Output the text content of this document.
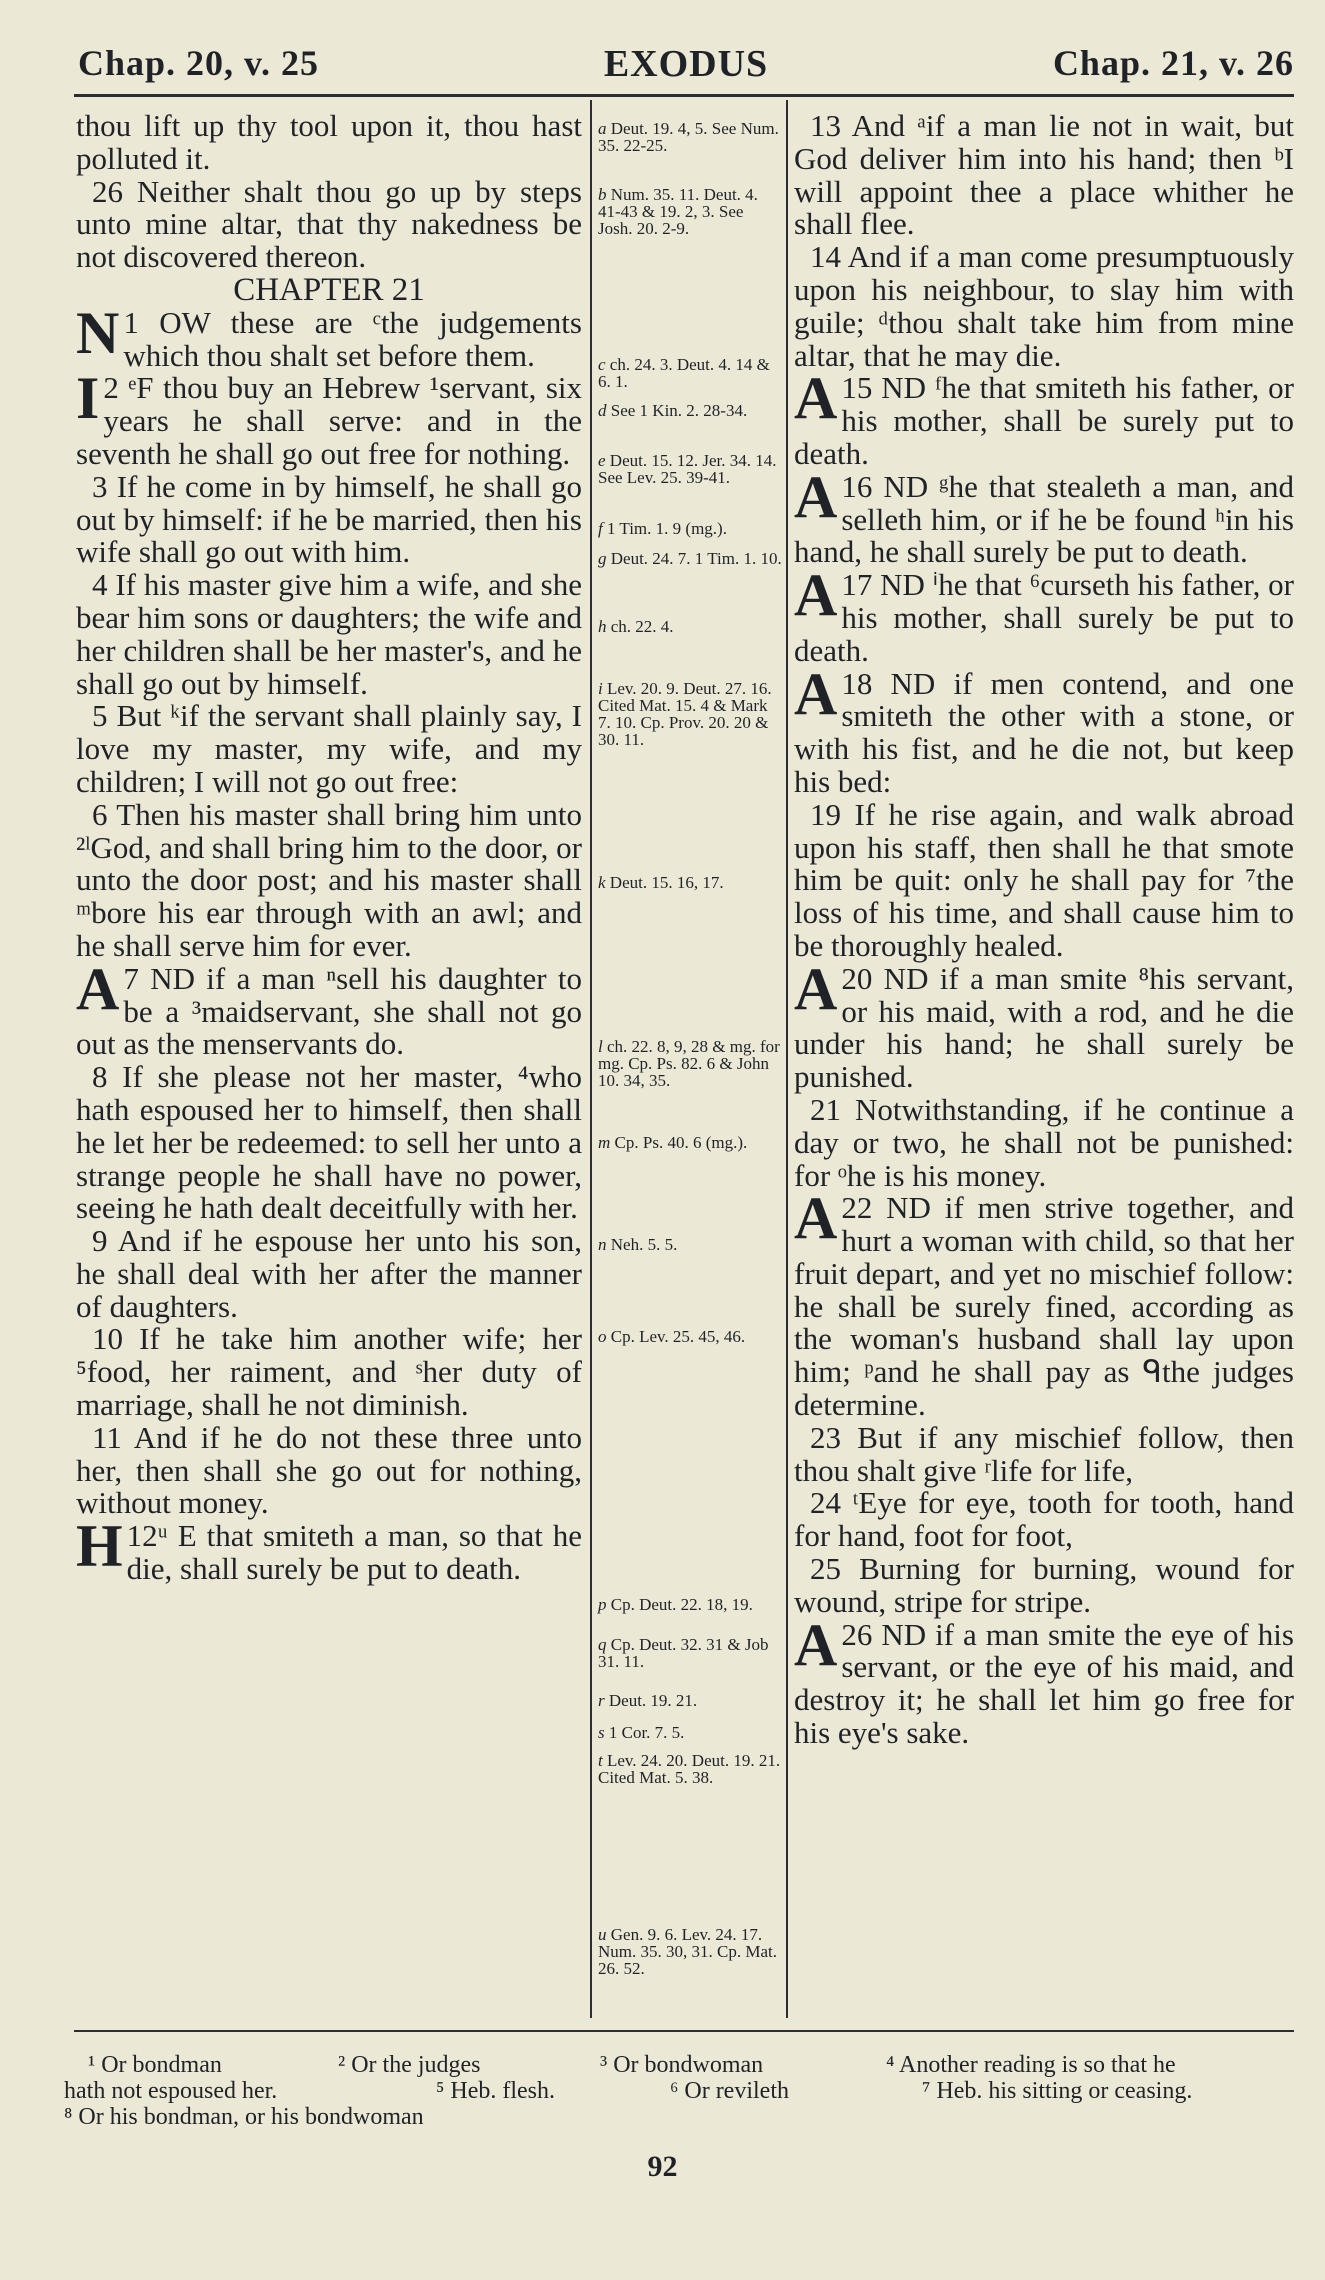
Chap. 20, v. 25	EXODUS	Chap. 21, v. 26

thou lift up thy tool upon it, thou hast polluted it.

26 Neither shalt thou go up by steps unto mine altar, that thy nakedness be not discovered thereon.

CHAPTER 21

N 1 OW these are ᶜthe judgements which thou shalt set before them.

I 2 ᵉF thou buy an Hebrew ¹servant, six years he shall serve: and in the seventh he shall go out free for nothing.

3 If he come in by himself, he shall go out by himself: if he be married, then his wife shall go out with him.

4 If his master give him a wife, and she bear him sons or daughters; the wife and her children shall be her master's, and he shall go out by himself.

5 But ᵏif the servant shall plainly say, I love my master, my wife, and my children; I will not go out free:

6 Then his master shall bring him unto ²ˡGod, and shall bring him to the door, or unto the door post; and his master shall ᵐbore his ear through with an awl; and he shall serve him for ever.

A 7 ND if a man ⁿsell his daughter to be a ³maidservant, she shall not go out as the menservants do.

8 If she please not her master, ⁴who hath espoused her to himself, then shall he let her be redeemed: to sell her unto a strange people he shall have no power, seeing he hath dealt deceitfully with her.

9 And if he espouse her unto his son, he shall deal with her after the manner of daughters.

10 If he take him another wife; her ⁵food, her raiment, and ˢher duty of marriage, shall he not diminish.

11 And if he do not these three unto her, then shall she go out for nothing, without money.

H 12ᵘ E that smiteth a man, so that he die, shall surely be put to death.

a Deut. 19. 4, 5. See Num. 35. 22-25.
b Num. 35. 11. Deut. 4. 41-43 & 19. 2, 3. See Josh. 20. 2-9.
c ch. 24. 3. Deut. 4. 14 & 6. 1.
d See 1 Kin. 2. 28-34.
e Deut. 15. 12. Jer. 34. 14. See Lev. 25. 39-41.
f 1 Tim. 1. 9 (mg.).
g Deut. 24. 7. 1 Tim. 1. 10.
h ch. 22. 4.
i Lev. 20. 9. Deut. 27. 16. Cited Mat. 15. 4 & Mark 7. 10. Cp. Prov. 20. 20 & 30. 11.
k Deut. 15. 16, 17.
l ch. 22. 8, 9, 28 & mg. for mg. Cp. Ps. 82. 6 & John 10. 34, 35.
m Cp. Ps. 40. 6 (mg.).
n Neh. 5. 5.
o Cp. Lev. 25. 45, 46.
p Cp. Deut. 22. 18, 19.
q Cp. Deut. 32. 31 & Job 31. 11.
r Deut. 19. 21.
s 1 Cor. 7. 5.
t Lev. 24. 20. Deut. 19. 21. Cited Mat. 5. 38.
u Gen. 9. 6. Lev. 24. 17. Num. 35. 30, 31. Cp. Mat. 26. 52.

13 And ᵃif a man lie not in wait, but God deliver him into his hand; then ᵇI will appoint thee a place whither he shall flee.

14 And if a man come presumptuously upon his neighbour, to slay him with guile; ᵈthou shalt take him from mine altar, that he may die.

A 15 ND ᶠhe that smiteth his father, or his mother, shall be surely put to death.

A 16 ND ᵍhe that stealeth a man, and selleth him, or if he be found ʰin his hand, he shall surely be put to death.

A 17 ND ⁱhe that ⁶curseth his father, or his mother, shall surely be put to death.

A 18 ND if men contend, and one smiteth the other with a stone, or with his fist, and he die not, but keep his bed:

19 If he rise again, and walk abroad upon his staff, then shall he that smote him be quit: only he shall pay for ⁷the loss of his time, and shall cause him to be thoroughly healed.

A 20 ND if a man smite ⁸his servant, or his maid, with a rod, and he die under his hand; he shall surely be punished.

21 Notwithstanding, if he continue a day or two, he shall not be punished: for ᵒhe is his money.

A 22 ND if men strive together, and hurt a woman with child, so that her fruit depart, and yet no mischief follow: he shall be surely fined, according as the woman's husband shall lay upon him; ᵖand he shall pay as ᑫthe judges determine.

23 But if any mischief follow, then thou shalt give ʳlife for life,

24 ᵗEye for eye, tooth for tooth, hand for hand, foot for foot,

25 Burning for burning, wound for wound, stripe for stripe.

A 26 ND if a man smite the eye of his servant, or the eye of his maid, and destroy it; he shall let him go free for his eye's sake.

¹ Or bondman	² Or the judges	³ Or bondwoman	⁴ Another reading is so that he
hath not espoused her.	⁵ Heb. flesh.	⁶ Or revileth	⁷ Heb. his sitting or ceasing.
⁸ Or his bondman, or his bondwoman
92
